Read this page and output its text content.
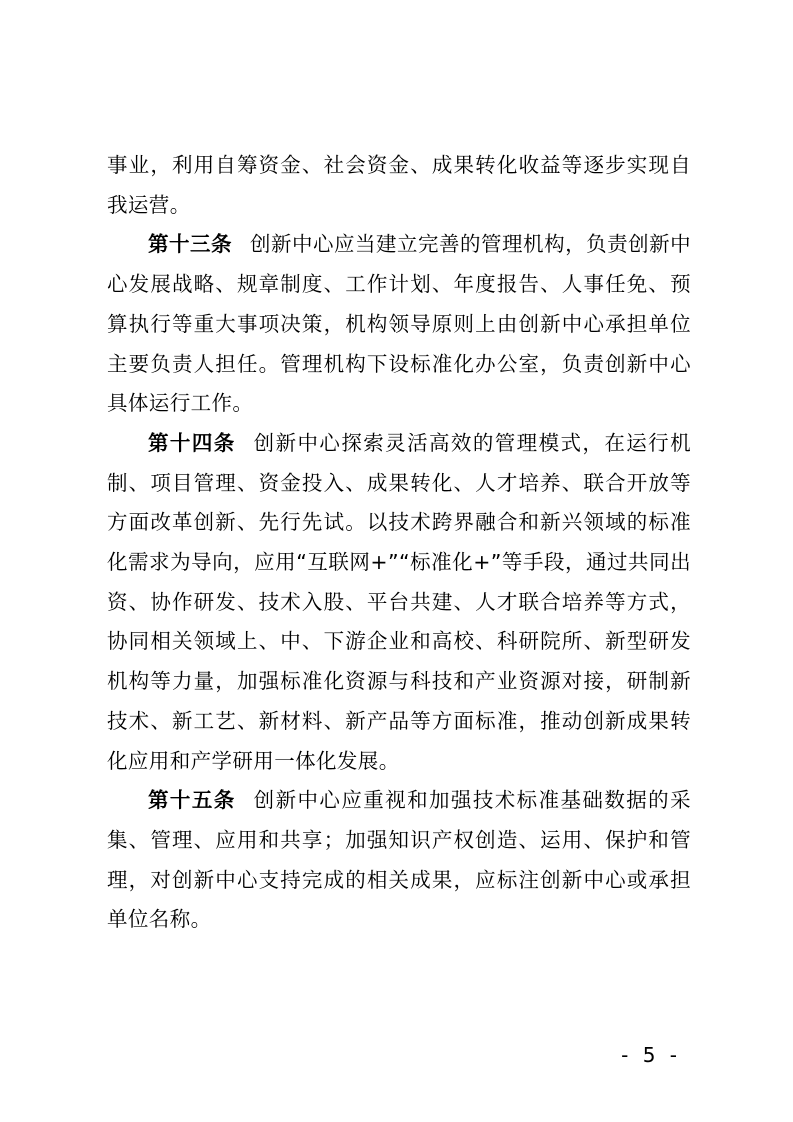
事业，利用自筹资金、社会资金、成果转化收益等逐步实现自我运营。

第十三条 创新中心应当建立完善的管理机构，负责创新中心发展战略、规章制度、工作计划、年度报告、人事任免、预算执行等重大事项决策，机构领导原则上由创新中心承担单位主要负责人担任。管理机构下设标准化办公室，负责创新中心具体运行工作。

第十四条 创新中心探索灵活高效的管理模式，在运行机制、项目管理、资金投入、成果转化、人才培养、联合开放等方面改革创新、先行先试。以技术跨界融合和新兴领域的标准化需求为导向，应用“互联网+”“标准化+”等手段，通过共同出资、协作研发、技术入股、平台共建、人才联合培养等方式，协同相关领域上、中、下游企业和高校、科研院所、新型研发机构等力量，加强标准化资源与科技和产业资源对接，研制新技术、新工艺、新材料、新产品等方面标准，推动创新成果转化应用和产学研用一体化发展。

第十五条 创新中心应重视和加强技术标准基础数据的采集、管理、应用和共享；加强知识产权创造、运用、保护和管理，对创新中心支持完成的相关成果，应标注创新中心或承担单位名称。

- 5 -
